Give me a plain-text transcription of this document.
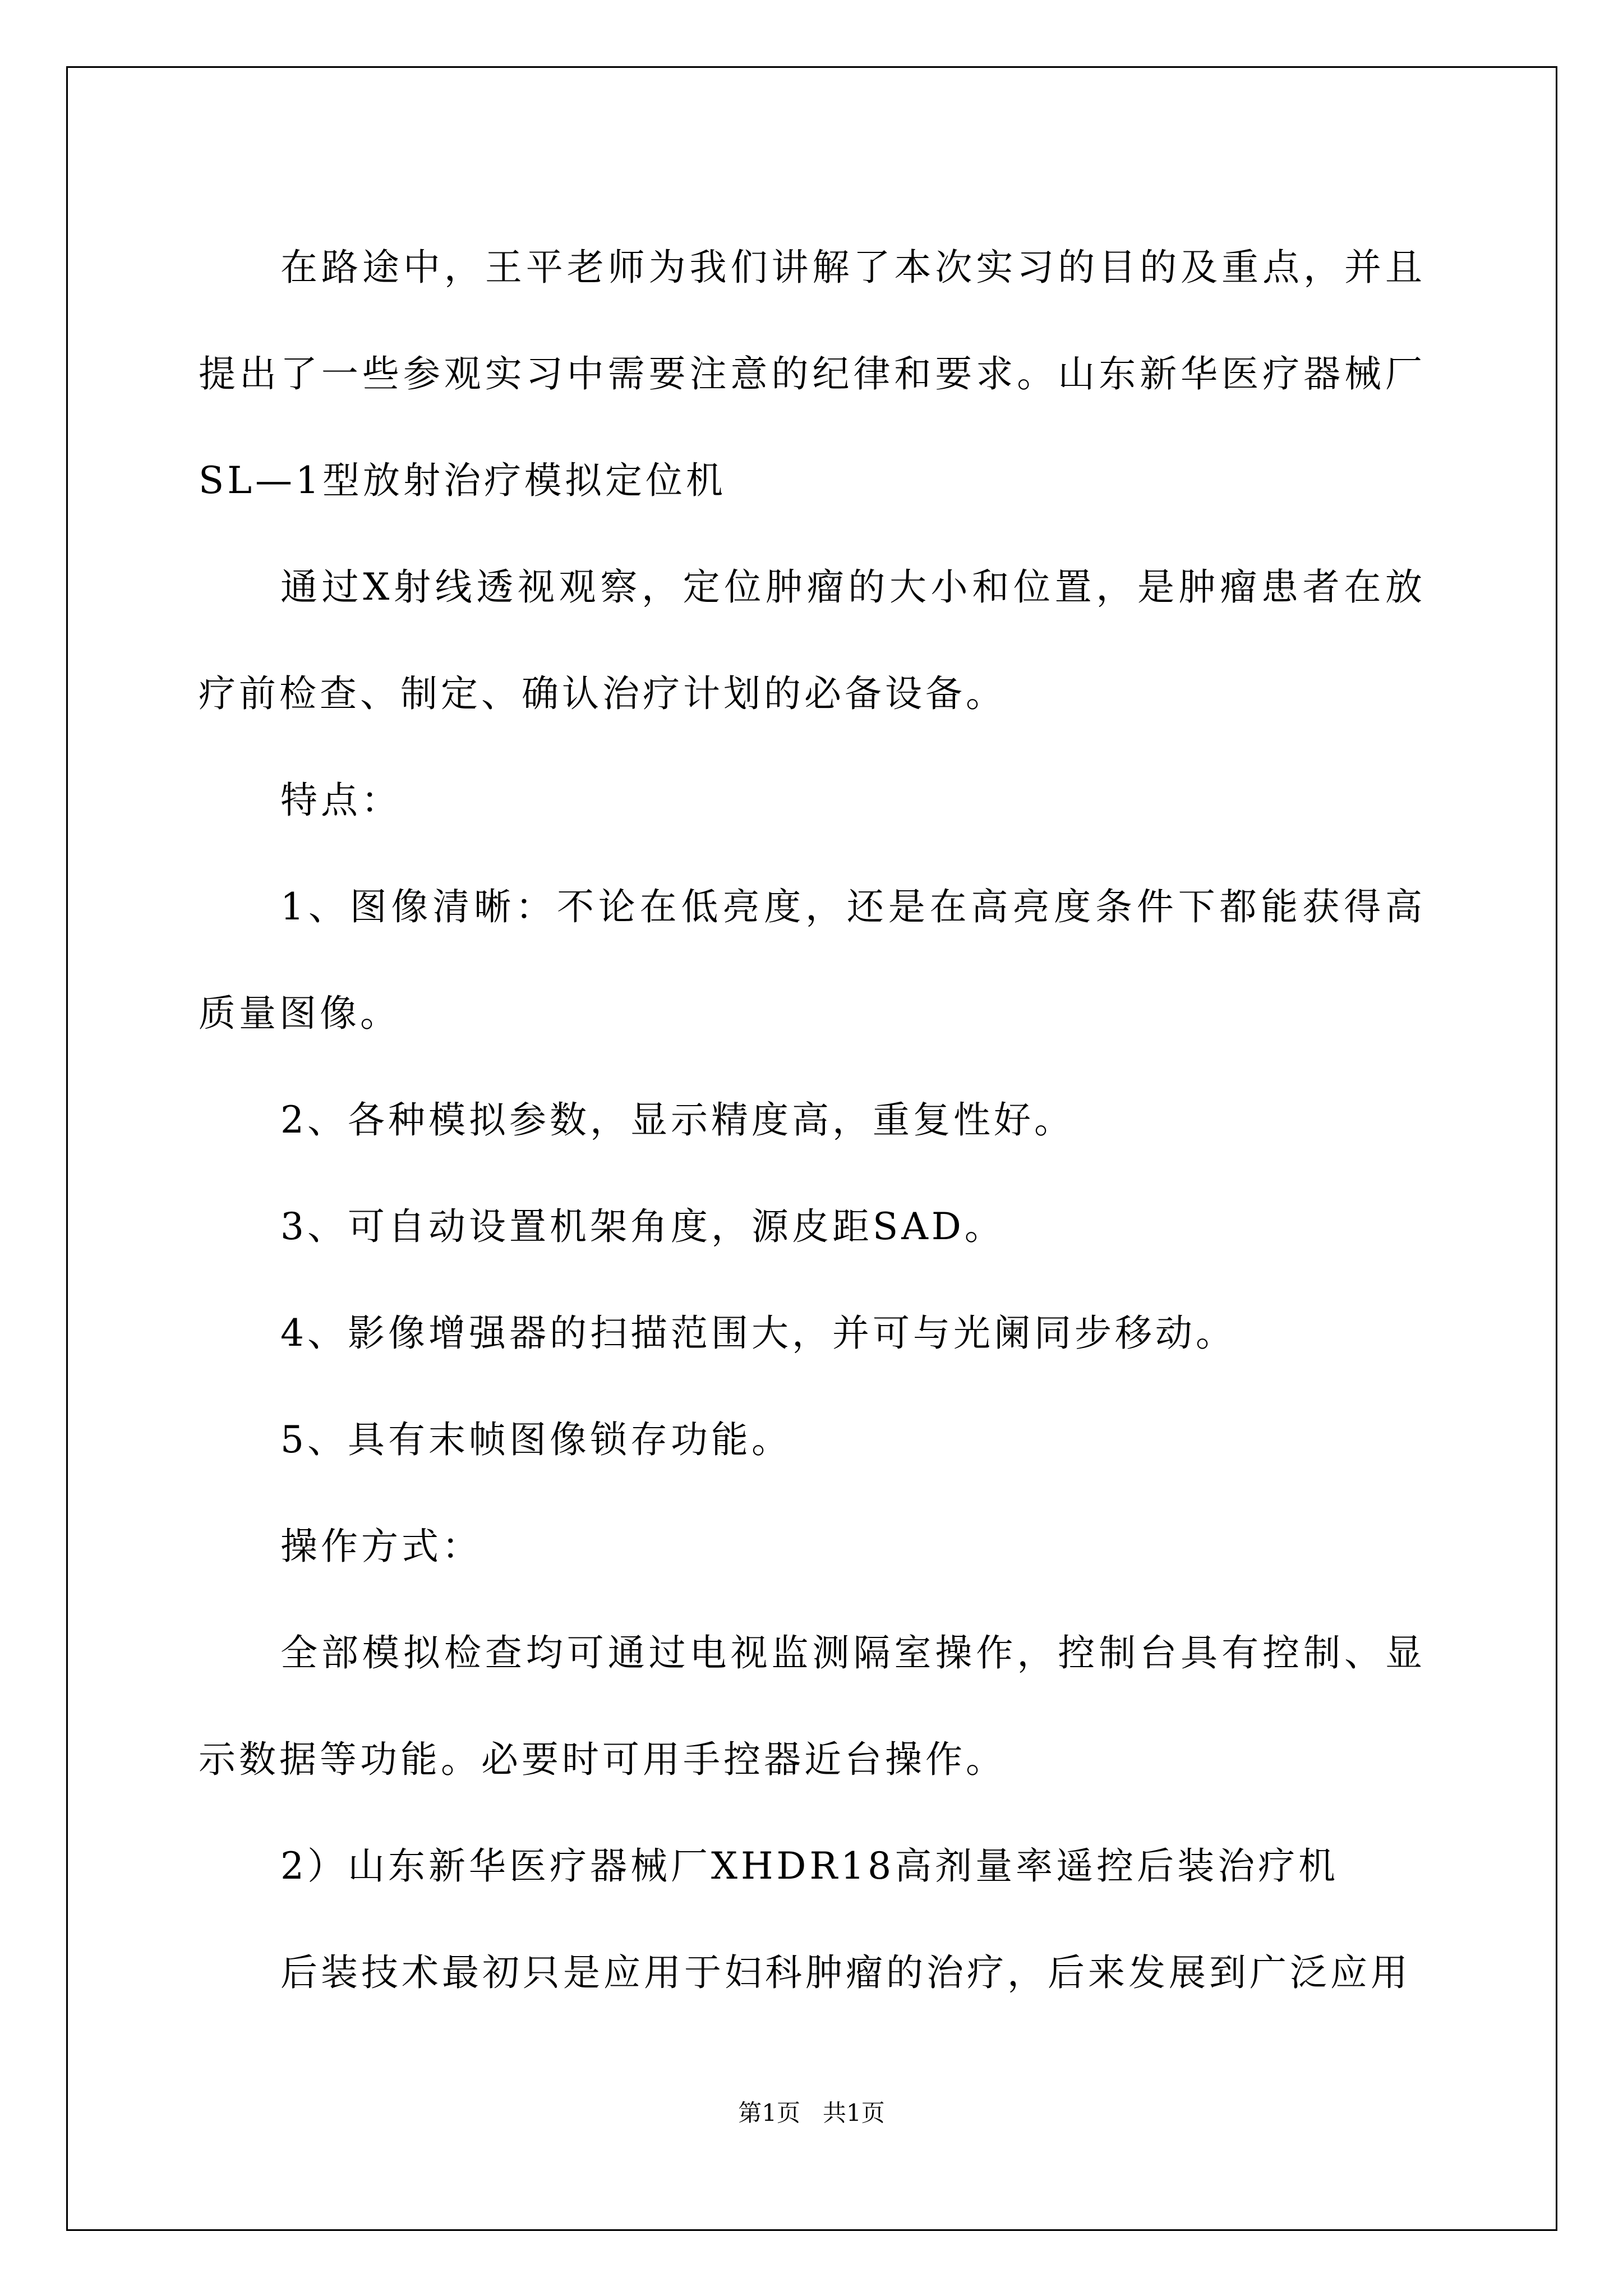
在路途中，王平老师为我们讲解了本次实习的目的及重点，并且提出了一些参观实习中需要注意的纪律和要求。山东新华医疗器械厂SL—1型放射治疗模拟定位机

通过X射线透视观察，定位肿瘤的大小和位置，是肿瘤患者在放疗前检查、制定、确认治疗计划的必备设备。

特点：

1、图像清晰：不论在低亮度，还是在高亮度条件下都能获得高质量图像。

2、各种模拟参数，显示精度高，重复性好。

3、可自动设置机架角度，源皮距SAD。

4、影像增强器的扫描范围大，并可与光阑同步移动。

5、具有末帧图像锁存功能。

操作方式：

全部模拟检查均可通过电视监测隔室操作，控制台具有控制、显示数据等功能。必要时可用手控器近台操作。

2）山东新华医疗器械厂XHDR18高剂量率遥控后装治疗机

后装技术最初只是应用于妇科肿瘤的治疗，后来发展到广泛应用

第1页 共1页
